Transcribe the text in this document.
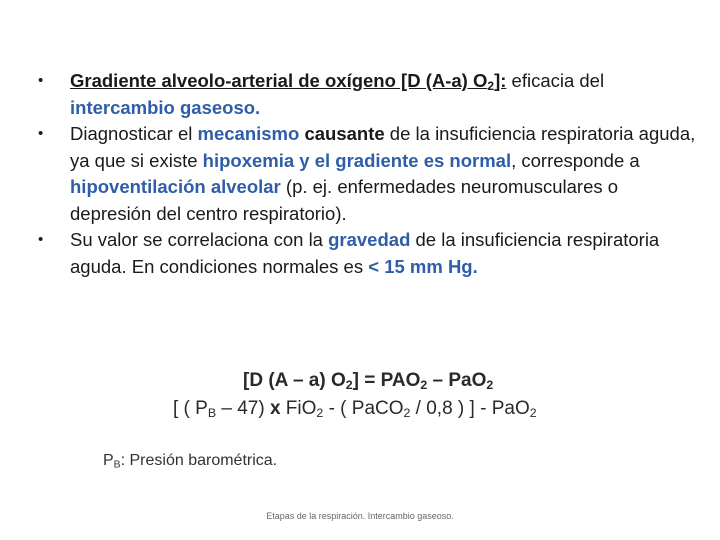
• Gradiente alveolo-arterial de oxígeno [D (A-a) $O_2$]: eficacia del intercambio gaseoso.

• Diagnosticar el mecanismo causante de la insuficiencia respiratoria aguda, ya que si existe hipoxemia y el gradiente es normal, corresponde a hipoventilación alveolar (p. ej. enfermedades neuromusculares o depresión del centro respiratorio).

• Su valor se correlaciona con la gravedad de la insuficiencia respiratoria aguda. En condiciones normales es < 15 mm Hg.

[D (A – a) $O_2] = PAO_2 - PaO_2$
[ ( $P_B - 47$) x FiO$_2$ - ( PaCO$_2$ / 0,8 ) ] - PaO$_2$
$P_B$: Presión barométrica.
Etapas de la respiración. Intercambio gaseoso.
